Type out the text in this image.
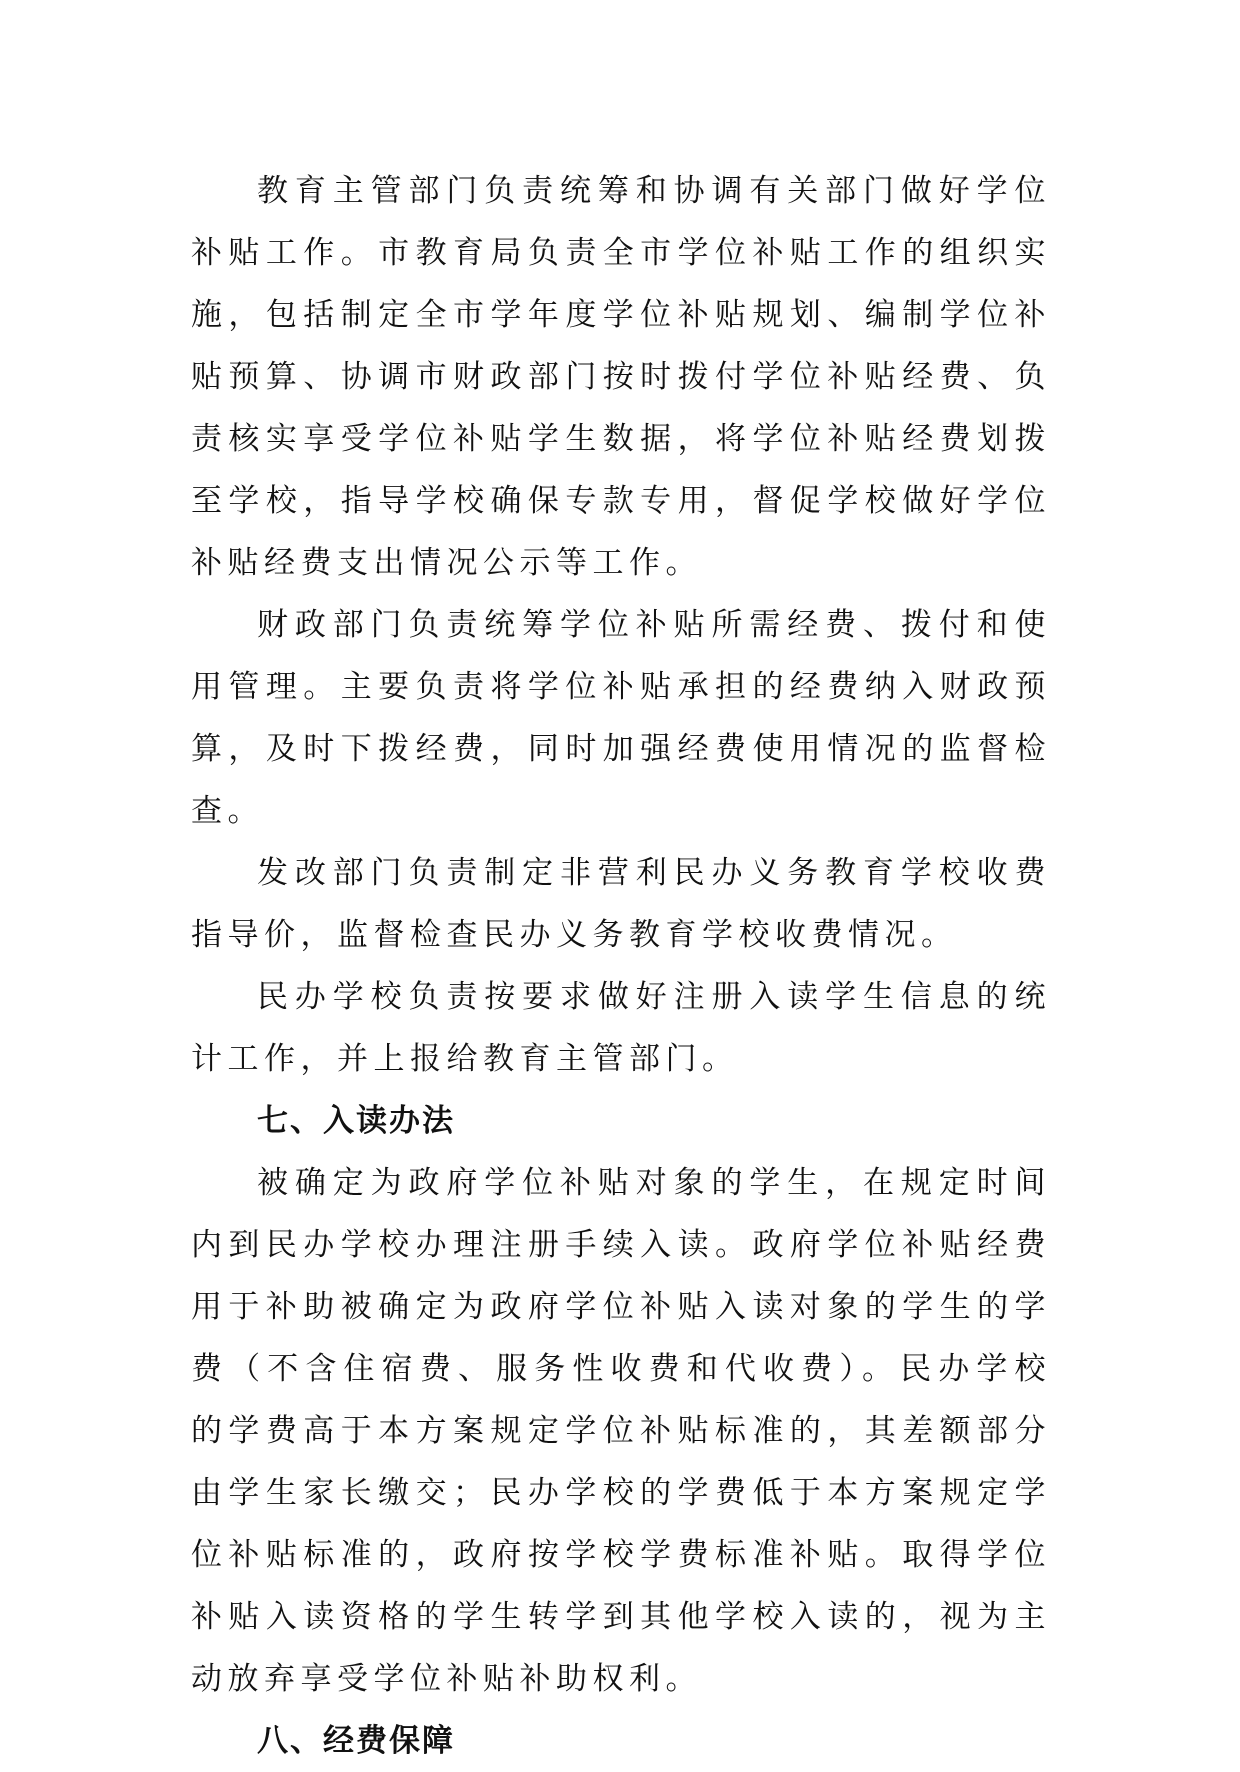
教育主管部门负责统筹和协调有关部门做好学位补贴工作。市教育局负责全市学位补贴工作的组织实施，包括制定全市学年度学位补贴规划、编制学位补贴预算、协调市财政部门按时拨付学位补贴经费、负责核实享受学位补贴学生数据，将学位补贴经费划拨至学校，指导学校确保专款专用，督促学校做好学位补贴经费支出情况公示等工作。

财政部门负责统筹学位补贴所需经费、拨付和使用管理。主要负责将学位补贴承担的经费纳入财政预算，及时下拨经费，同时加强经费使用情况的监督检查。

发改部门负责制定非营利民办义务教育学校收费指导价，监督检查民办义务教育学校收费情况。

民办学校负责按要求做好注册入读学生信息的统计工作，并上报给教育主管部门。

七、入读办法

被确定为政府学位补贴对象的学生，在规定时间内到民办学校办理注册手续入读。政府学位补贴经费用于补助被确定为政府学位补贴入读对象的学生的学费（不含住宿费、服务性收费和代收费）。民办学校的学费高于本方案规定学位补贴标准的，其差额部分由学生家长缴交；民办学校的学费低于本方案规定学位补贴标准的，政府按学校学费标准补贴。取得学位补贴入读资格的学生转学到其他学校入读的，视为主动放弃享受学位补贴补助权利。

八、经费保障
